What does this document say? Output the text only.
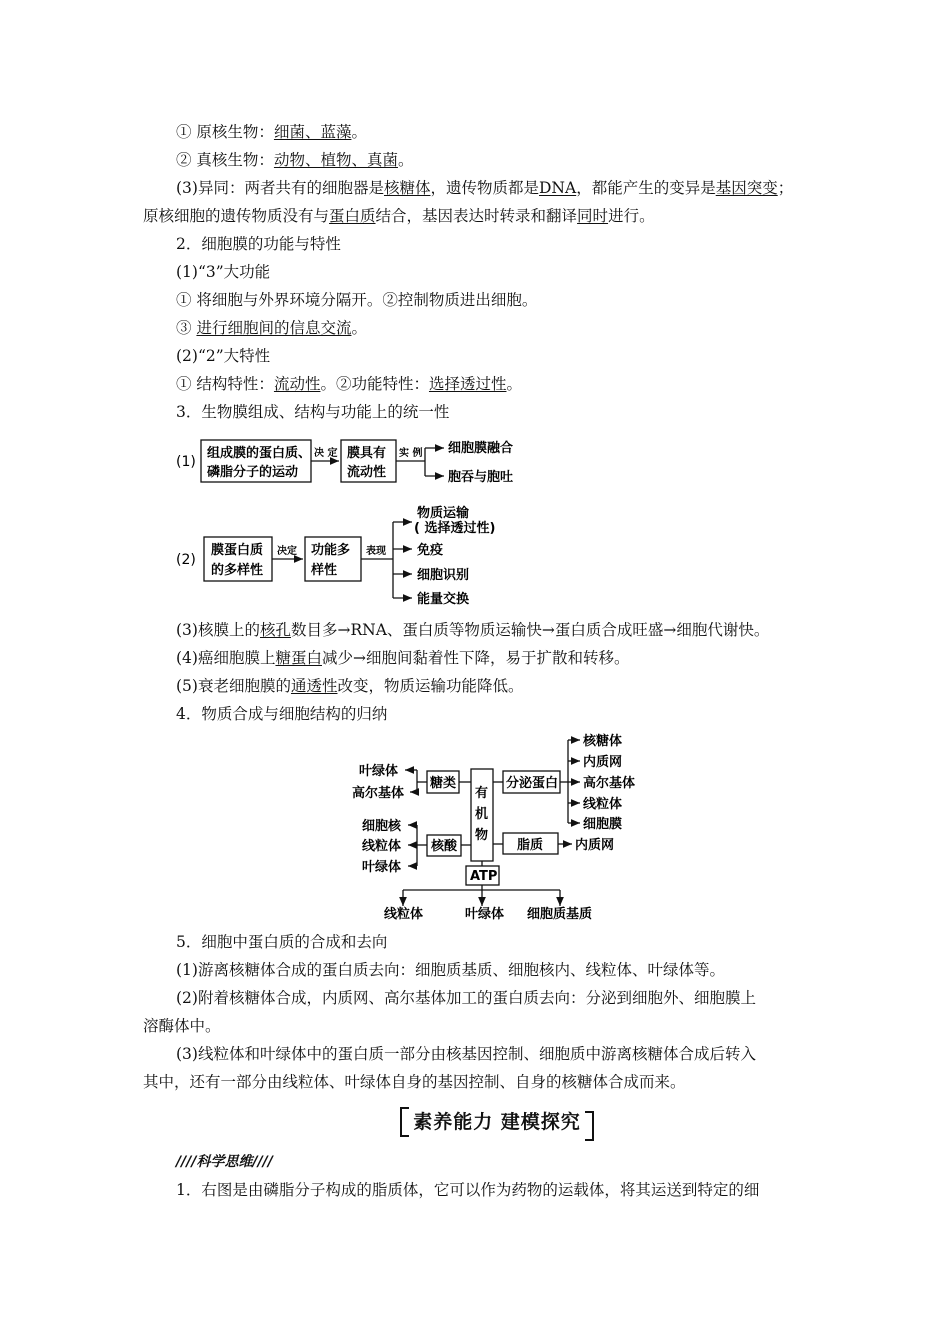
① 原核生物：细菌、蓝藻。
② 真核生物：动物、植物、真菌。
(3)异同：两者共有的细胞器是核糖体，遗传物质都是DNA，都能产生的变异是基因突变；
原核细胞的遗传物质没有与蛋白质结合，基因表达时转录和翻译同时进行。
2．细胞膜的功能与特性
(1)“3”大功能
① 将细胞与外界环境分隔开。②控制物质进出细胞。
③ 进行细胞间的信息交流。
(2)“2”大特性
① 结构特性：流动性。②功能特性：选择透过性。
3．生物膜组成、结构与功能上的统一性
(3)核膜上的核孔数目多→RNA、蛋白质等物质运输快→蛋白质合成旺盛→细胞代谢快。
(4)癌细胞膜上糖蛋白减少→细胞间黏着性下降，易于扩散和转移。
(5)衰老细胞膜的通透性改变，物质运输功能降低。
4．物质合成与细胞结构的归纳
5．细胞中蛋白质的合成和去向
(1)游离核糖体合成的蛋白质去向：细胞质基质、细胞核内、线粒体、叶绿体等。
(2)附着核糖体合成，内质网、高尔基体加工的蛋白质去向：分泌到细胞外、细胞膜上
溶酶体中。
(3)线粒体和叶绿体中的蛋白质一部分由核基因控制、细胞质中游离核糖体合成后转入
其中，还有一部分由线粒体、叶绿体自身的基因控制、自身的核糖体合成而来。
素养能力 建模探究
////科学思维////
1．右图是由磷脂分子构成的脂质体，它可以作为药物的运载体，将其运送到特定的细
(1)
组成膜的蛋白质、
磷脂分子的运动
决 定 膜具有
流动性
实 例 细胞膜融合
胞吞与胞吐
(2)
膜蛋白质
的多样性
决定 功能多
样性
表现
物质运输
( 选择透过性)
免疫
细胞识别
能量交换
叶绿体
高尔基体
糖类
细胞核
线粒体
叶绿体
核酸
有
机
物
分泌蛋白
核糖体
内质网
高尔基体
线粒体
细胞膜
脂质 内质网
ATP
线粒体	叶绿体 细胞质基质
